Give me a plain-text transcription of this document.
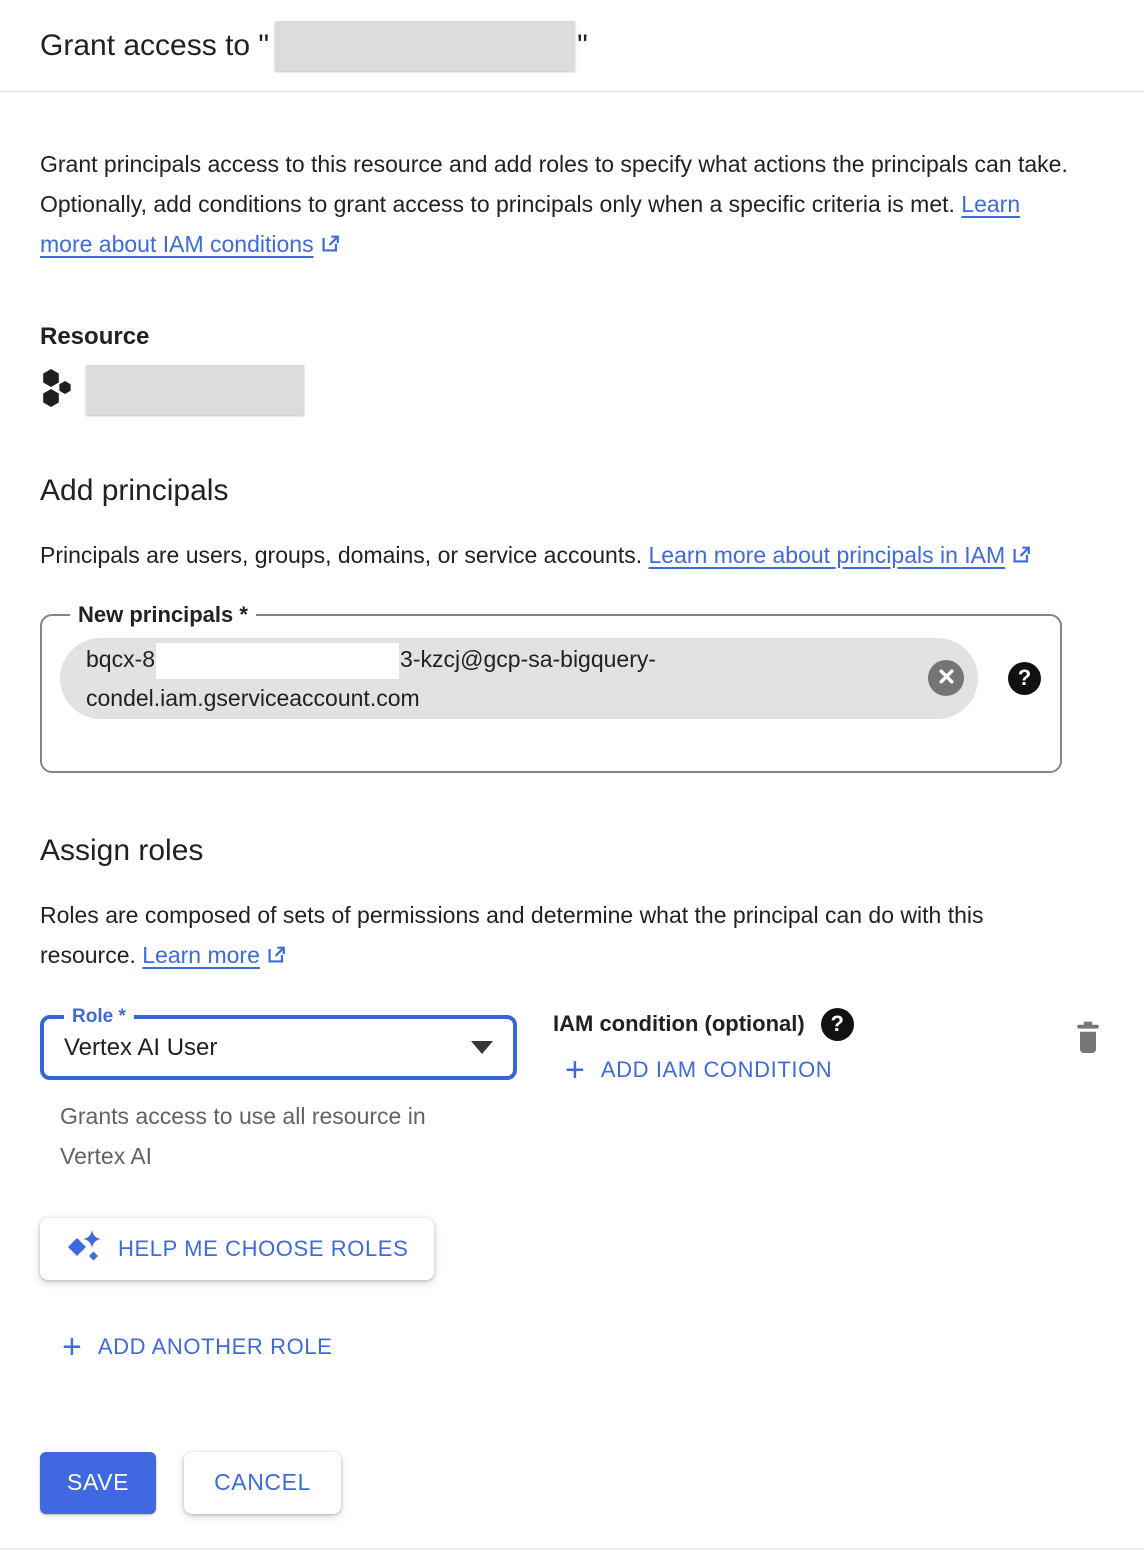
Grant access to "	"

Grant principals access to this resource and add roles to specify what actions the principals can take. Optionally, add conditions to grant access to principals only when a specific criteria is met. Learn more about IAM conditions

Resource
Add principals

Principals are users, groups, domains, or service accounts. Learn more about principals in IAM

New principals *
bqcx-8	3-kzcj@gcp-sa-bigquery-
condel.iam.gserviceaccount.com
?
Assign roles

Roles are composed of sets of permissions and determine what the principal can do with this resource. Learn more

Role *
Vertex AI User
Grants access to use all resource in Vertex AI
IAM condition (optional)	?
+ ADD IAM CONDITION
HELP ME CHOOSE ROLES
+ ADD ANOTHER ROLE
SAVE	CANCEL
